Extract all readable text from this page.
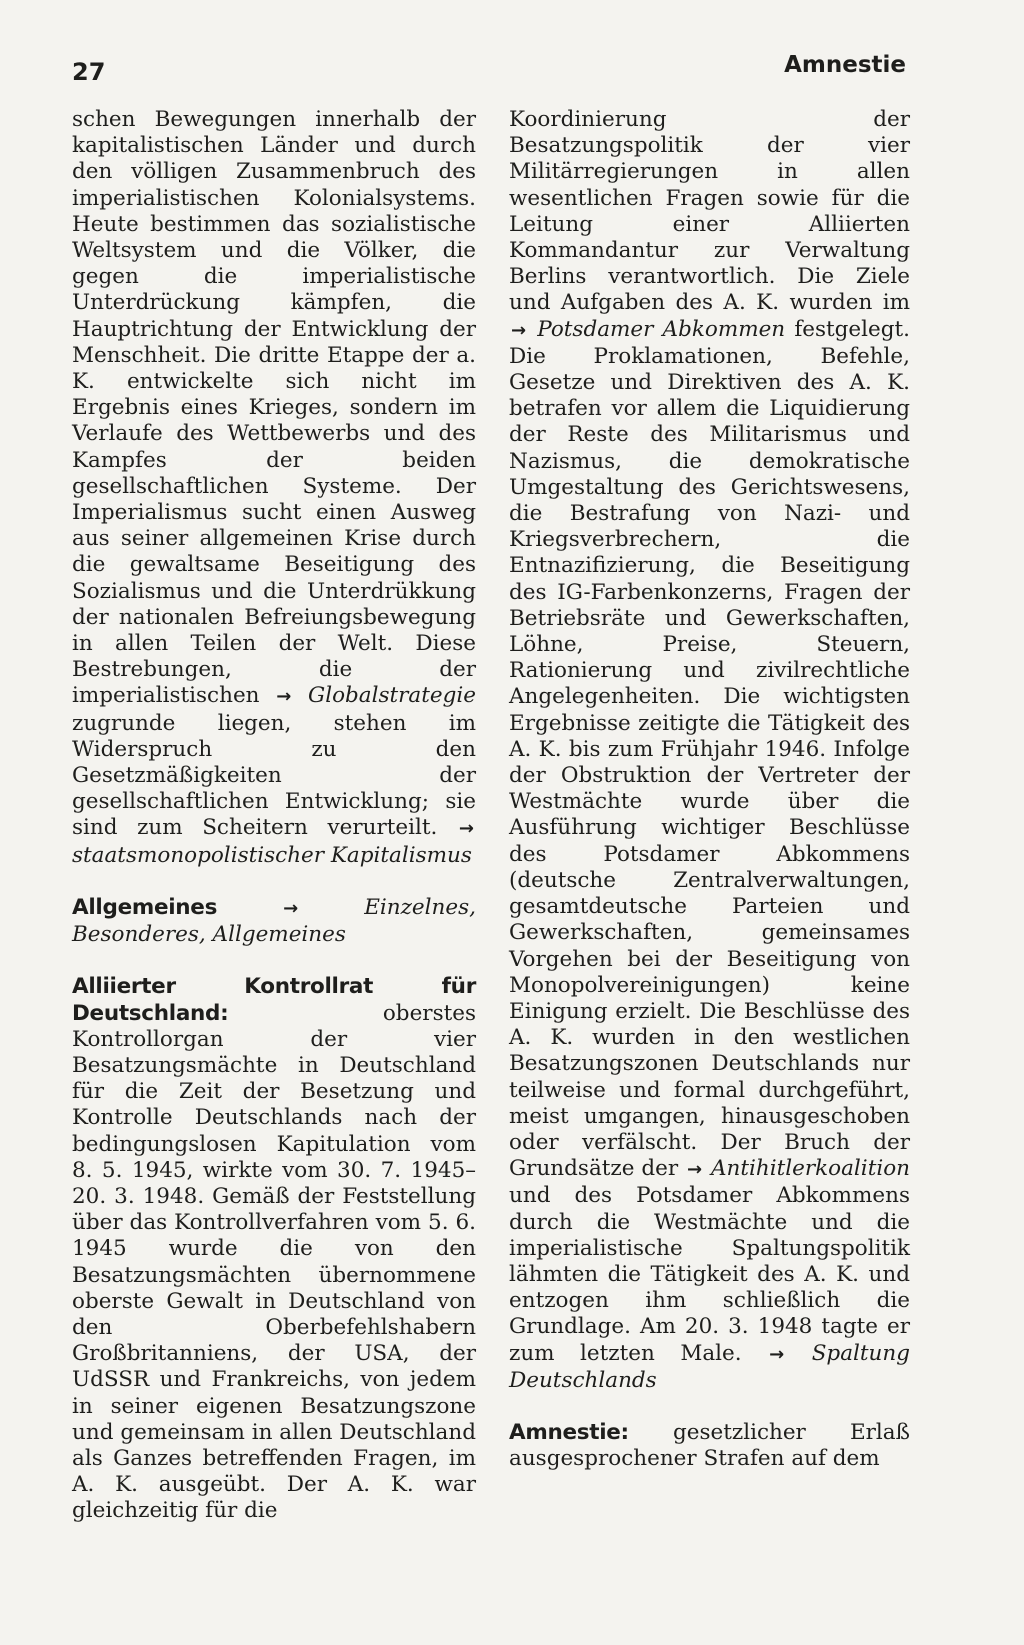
27	Amnestie

schen Bewegungen innerhalb der kapitalistischen Länder und durch den völligen Zusammenbruch des imperialistischen Kolonialsystems. Heute bestimmen das sozialistische Weltsystem und die Völker, die gegen die imperialistische Unterdrückung kämpfen, die Hauptrichtung der Entwicklung der Menschheit. Die dritte Etappe der a. K. entwickelte sich nicht im Ergebnis eines Krieges, sondern im Verlaufe des Wettbewerbs und des Kampfes der beiden gesellschaftlichen Systeme. Der Imperialismus sucht einen Ausweg aus seiner allgemeinen Krise durch die gewaltsame Beseitigung des Sozialismus und die Unterdrükkung der nationalen Befreiungsbewegung in allen Teilen der Welt. Diese Bestrebungen, die der imperialistischen → Globalstrategie zugrunde liegen, stehen im Widerspruch zu den Gesetzmäßigkeiten der gesellschaftlichen Entwicklung; sie sind zum Scheitern verurteilt. → staatsmonopolistischer Kapitalismus

Allgemeines	→	Einzelnes, Besonderes, Allgemeines

Alliierter Kontrollrat für Deutschland:	oberstes Kontrollorgan der vier Besatzungsmächte in Deutschland für die Zeit der Besetzung und Kontrolle Deutschlands nach der bedingungslosen Kapitulation vom 8. 5. 1945, wirkte vom 30. 7. 1945–20. 3. 1948. Gemäß der Feststellung über das Kontrollverfahren vom 5. 6. 1945 wurde die von den Besatzungsmächten übernommene oberste Gewalt in Deutschland von den Oberbefehlshabern Großbritanniens, der USA, der UdSSR und Frankreichs, von jedem in seiner eigenen Besatzungszone und gemeinsam in allen Deutschland als Ganzes betreffenden Fragen, im A. K. ausgeübt. Der A. K. war gleichzeitig für die

Koordinierung der Besatzungspolitik der vier Militärregierungen in allen wesentlichen Fragen sowie für die Leitung einer Alliierten Kommandantur zur Verwaltung Berlins verantwortlich. Die Ziele und Aufgaben des A. K. wurden im → Potsdamer Abkommen festgelegt. Die Proklamationen, Befehle, Gesetze und Direktiven des A. K. betrafen vor allem die Liquidierung der Reste des Militarismus und Nazismus, die demokratische Umgestaltung des Gerichtswesens, die Bestrafung von Nazi- und Kriegsverbrechern, die Entnazifizierung, die Beseitigung des IG-Farbenkonzerns, Fragen der Betriebsräte und Gewerkschaften, Löhne, Preise, Steuern, Rationierung und zivilrechtliche Angelegenheiten. Die wichtigsten Ergebnisse zeitigte die Tätigkeit des A. K. bis zum Frühjahr 1946. Infolge der Obstruktion der Vertreter der Westmächte wurde über die Ausführung wichtiger Beschlüsse des Potsdamer Abkommens (deutsche Zentralverwaltungen, gesamtdeutsche Parteien und Gewerkschaften, gemeinsames Vorgehen bei der Beseitigung von Monopolvereinigungen) keine Einigung erzielt. Die Beschlüsse des A. K. wurden in den westlichen Besatzungszonen Deutschlands nur teilweise und formal durchgeführt, meist umgangen, hinausgeschoben oder verfälscht. Der Bruch der Grundsätze der → Antihitlerkoalition und des Potsdamer Abkommens durch die Westmächte und die imperialistische Spaltungspolitik lähmten die Tätigkeit des A. K. und entzogen ihm schließlich die Grundlage. Am 20. 3. 1948 tagte er zum letzten Male. → Spaltung Deutschlands

Amnestie: gesetzlicher Erlaß ausgesprochener Strafen auf dem
